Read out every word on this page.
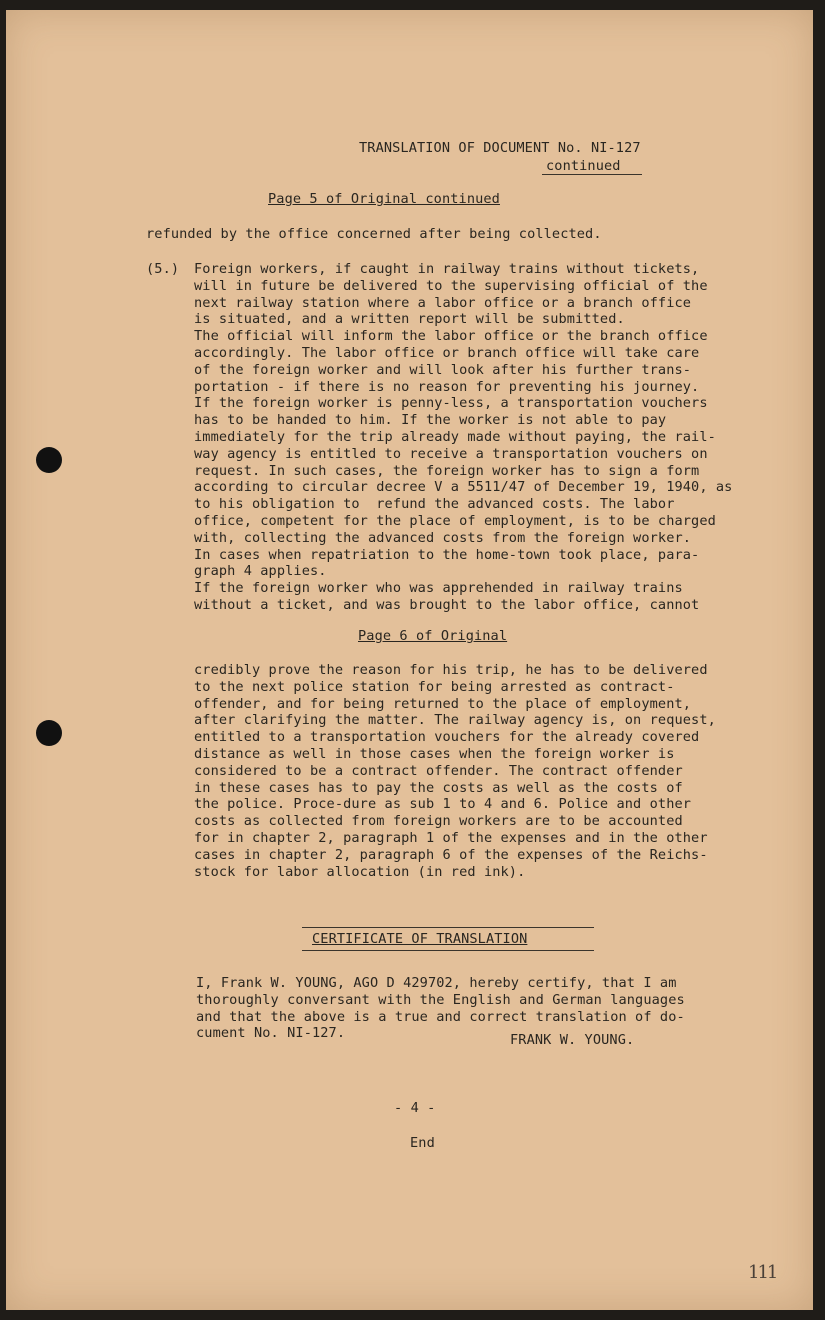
TRANSLATION OF DOCUMENT No. NI-127
continued
Page 5 of Original continued
refunded by the office concerned after being collected.
(5.) Foreign workers, if caught in railway trains without tickets,
will in future be delivered to the supervising official of the
next railway station where a labor office or a branch office
is situated, and a written report will be submitted.
The official will inform the labor office or the branch office
accordingly. The labor office or branch office will take care
of the foreign worker and will look after his further trans-
portation - if there is no reason for preventing his journey.
If the foreign worker is penny-less, a transportation vouchers
has to be handed to him. If the worker is not able to pay
immediately for the trip already made without paying, the rail-
way agency is entitled to receive a transportation vouchers on
request. In such cases, the foreign worker has to sign a form
according to circular decree V a 5511/47 of December 19, 1940, as
to his obligation to  refund the advanced costs. The labor
office, competent for the place of employment, is to be charged
with, collecting the advanced costs from the foreign worker.
In cases when repatriation to the home-town took place, para-
graph 4 applies.
If the foreign worker who was apprehended in railway trains
without a ticket, and was brought to the labor office, cannot
Page 6 of Original
credibly prove the reason for his trip, he has to be delivered
to the next police station for being arrested as contract-
offender, and for being returned to the place of employment,
after clarifying the matter. The railway agency is, on request,
entitled to a transportation vouchers for the already covered
distance as well in those cases when the foreign worker is
considered to be a contract offender. The contract offender
in these cases has to pay the costs as well as the costs of
the police. Proce-dure as sub 1 to 4 and 6. Police and other
costs as collected from foreign workers are to be accounted
for in chapter 2, paragraph 1 of the expenses and in the other
cases in chapter 2, paragraph 6 of the expenses of the Reichs-
stock for labor allocation (in red ink).
CERTIFICATE OF TRANSLATION
I, Frank W. YOUNG, AGO D 429702, hereby certify, that I am
thoroughly conversant with the English and German languages
and that the above is a true and correct translation of do-
cument No. NI-127.	FRANK W. YOUNG.
- 4 -
End
111
